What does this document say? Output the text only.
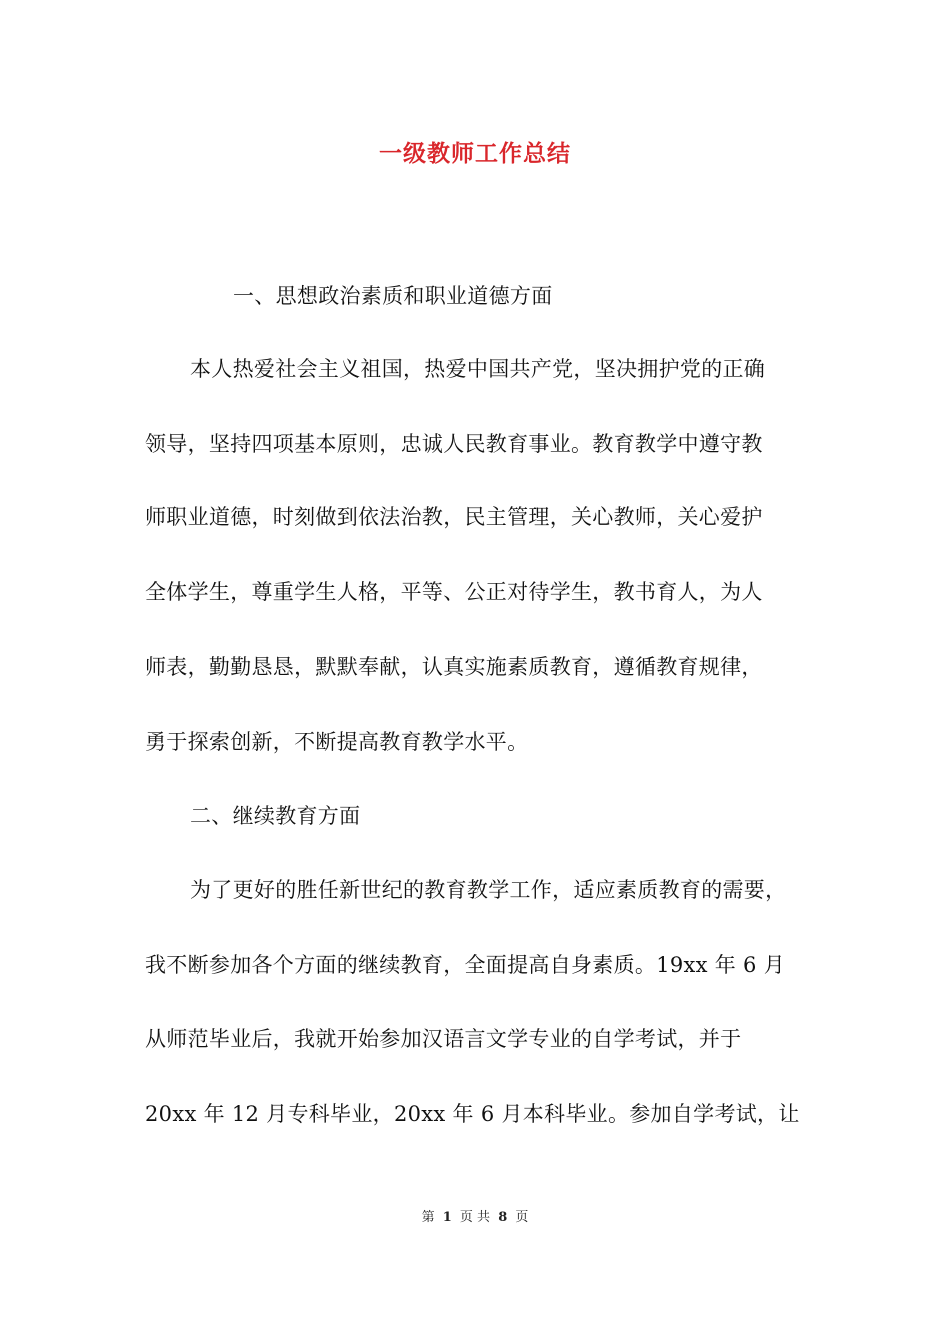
一级教师工作总结
一、思想政治素质和职业道德方面
本人热爱社会主义祖国，热爱中国共产党，坚决拥护党的正确
领导，坚持四项基本原则，忠诚人民教育事业。教育教学中遵守教
师职业道德，时刻做到依法治教，民主管理，关心教师，关心爱护
全体学生，尊重学生人格，平等、公正对待学生，教书育人，为人
师表，勤勤恳恳，默默奉献，认真实施素质教育，遵循教育规律，
勇于探索创新，不断提高教育教学水平。
二、继续教育方面
为了更好的胜任新世纪的教育教学工作，适应素质教育的需要，
我不断参加各个方面的继续教育，全面提高自身素质。19xx 年 6 月
从师范毕业后，我就开始参加汉语言文学专业的自学考试，并于
20xx 年 12 月专科毕业，20xx 年 6 月本科毕业。参加自学考试，让
第 1 页 共 8 页
